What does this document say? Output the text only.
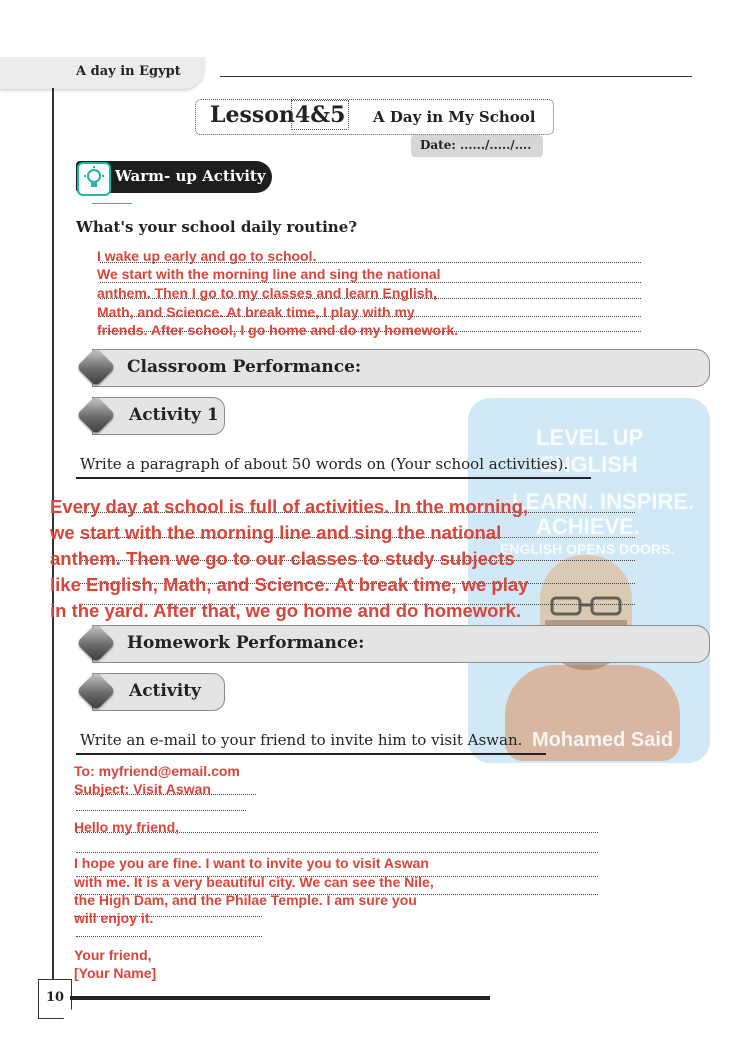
A day in Egypt
LEVEL UP
ENGLISH
LEARN. INSPIRE.
ACHIEVE.
ENGLISH OPENS DOORS.
Mohamed Said
Lesson 4&5 A Day in My School
Date: ....../...../....
Warm- up Activity
What's your school daily routine?
I wake up early and go to school.
We start with the morning line and sing the national
anthem. Then I go to my classes and learn English,
Math, and Science. At break time, I play with my
friends. After school, I go home and do my homework.
Classroom Performance:
Activity 1
Write a paragraph of about 50 words on (Your school activities).
Every day at school is full of activities. In the morning,
we start with the morning line and sing the national
anthem. Then we go to our classes to study subjects
like English, Math, and Science. At break time, we play
in the yard. After that, we go home and do homework.
Homework Performance:
Activity
Write an e-mail to your friend to invite him to visit Aswan.
To: myfriend@email.com
Subject: Visit Aswan
Hello my friend,
I hope you are fine. I want to invite you to visit Aswan
with me. It is a very beautiful city. We can see the Nile,
the High Dam, and the Philae Temple. I am sure you
will enjoy it.
Your friend,
[Your Name]
10
